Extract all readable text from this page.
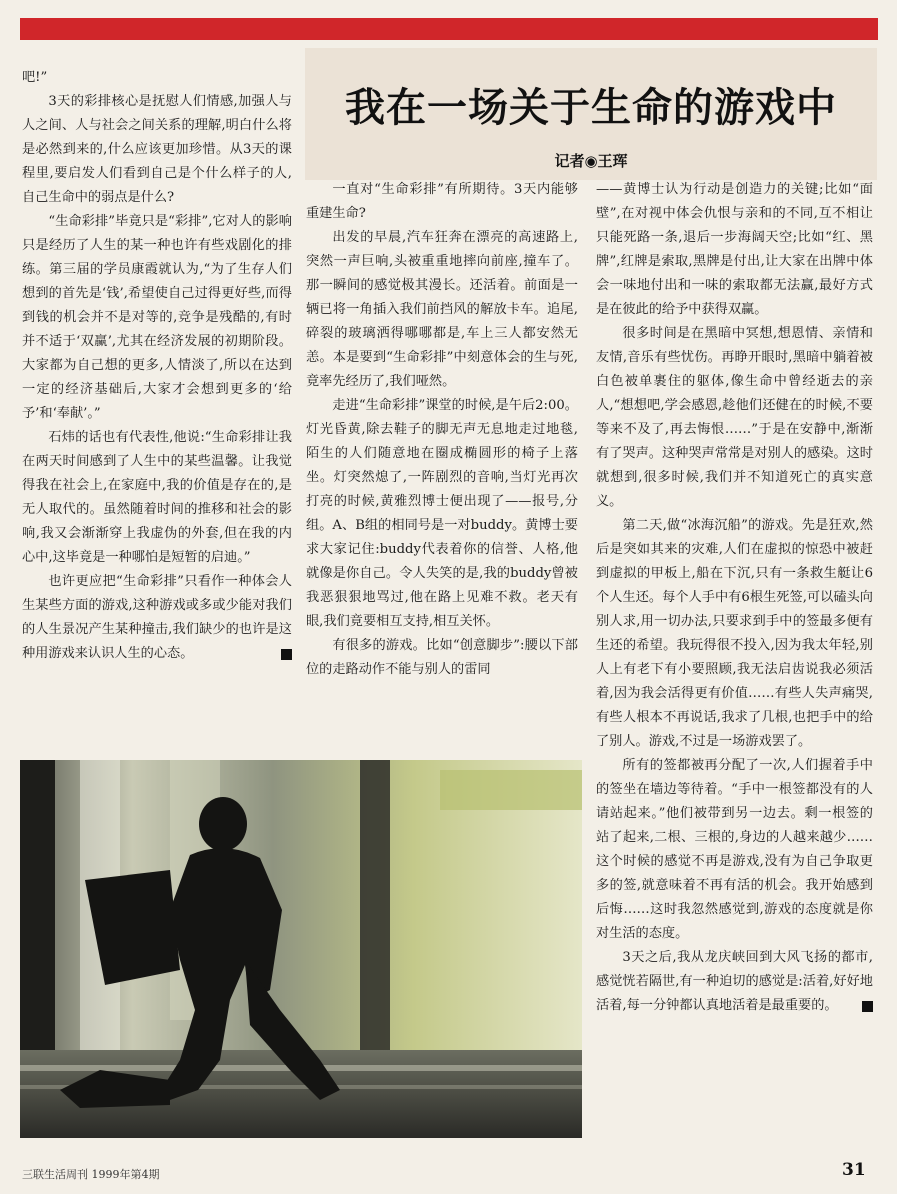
吧!”

3天的彩排核心是抚慰人们情感,加强人与人之间、人与社会之间关系的理解,明白什么将是必然到来的,什么应该更加珍惜。从3天的课程里,要启发人们看到自己是个什么样子的人,自己生命中的弱点是什么?

“生命彩排”毕竟只是“彩排”,它对人的影响只是经历了人生的某一种也许有些戏剧化的排练。第三届的学员康霞就认为,“为了生存人们想到的首先是‘钱’,希望使自己过得更好些,而得到钱的机会并不是对等的,竞争是残酷的,有时并不适于‘双赢’,尤其在经济发展的初期阶段。大家都为自己想的更多,人情淡了,所以在达到一定的经济基础后,大家才会想到更多的‘给予’和‘奉献’。”

石炜的话也有代表性,他说:“生命彩排让我在两天时间感到了人生中的某些温馨。让我觉得我在社会上,在家庭中,我的价值是存在的,是无人取代的。虽然随着时间的推移和社会的影响,我又会渐渐穿上我虚伪的外套,但在我的内心中,这毕竟是一种哪怕是短暂的启迪。”

也许更应把“生命彩排”只看作一种体会人生某些方面的游戏,这种游戏或多或少能对我们的人生景况产生某种撞击,我们缺少的也许是这种用游戏来认识人生的心态。

我在一场关于生命的游戏中
记者◉王珲

一直对“生命彩排”有所期待。3天内能够重建生命?

出发的早晨,汽车狂奔在漂亮的高速路上,突然一声巨响,头被重重地摔向前座,撞车了。那一瞬间的感觉极其漫长。还活着。前面是一辆已将一角插入我们前挡风的解放卡车。追尾,碎裂的玻璃洒得哪哪都是,车上三人都安然无恙。本是要到“生命彩排”中刻意体会的生与死,竟率先经历了,我们哑然。

走进“生命彩排”课堂的时候,是午后2:00。灯光昏黄,除去鞋子的脚无声无息地走过地毯,陌生的人们随意地在圈成椭圆形的椅子上落坐。灯突然熄了,一阵剧烈的音响,当灯光再次打亮的时候,黄雅烈博士便出现了——报号,分组。A、B组的相同号是一对buddy。黄博士要求大家记住:buddy代表着你的信誉、人格,他就像是你自己。令人失笑的是,我的buddy曾被我恶狠狠地骂过,他在路上见难不救。老天有眼,我们竟要相互支持,相互关怀。

有很多的游戏。比如“创意脚步”:腰以下部位的走路动作不能与别人的雷同

——黄博士认为行动是创造力的关键;比如“面壁”,在对视中体会仇恨与亲和的不同,互不相让只能死路一条,退后一步海阔天空;比如“红、黑牌”,红牌是索取,黑牌是付出,让大家在出牌中体会一味地付出和一味的索取都无法赢,最好方式是在彼此的给予中获得双赢。

很多时间是在黑暗中冥想,想恩情、亲情和友情,音乐有些忧伤。再睁开眼时,黑暗中躺着被白色被单裹住的躯体,像生命中曾经逝去的亲人,“想想吧,学会感恩,趁他们还健在的时候,不要等来不及了,再去悔恨……”于是在安静中,渐渐有了哭声。这种哭声常常是对别人的感染。这时就想到,很多时候,我们并不知道死亡的真实意义。

第二天,做“冰海沉船”的游戏。先是狂欢,然后是突如其来的灾难,人们在虚拟的惊恐中被赶到虚拟的甲板上,船在下沉,只有一条救生艇让6个人生还。每个人手中有6根生死签,可以磕头向别人求,用一切办法,只要求到手中的签最多便有生还的希望。我玩得很不投入,因为我太年轻,别人上有老下有小要照顾,我无法启齿说我必须活着,因为我会活得更有价值……有些人失声痛哭,有些人根本不再说话,我求了几根,也把手中的给了别人。游戏,不过是一场游戏罢了。

所有的签都被再分配了一次,人们握着手中的签坐在墙边等待着。“手中一根签都没有的人请站起来。”他们被带到另一边去。剩一根签的站了起来,二根、三根的,身边的人越来越少……这个时候的感觉不再是游戏,没有为自己争取更多的签,就意味着不再有活的机会。我开始感到后悔……这时我忽然感觉到,游戏的态度就是你对生活的态度。

3天之后,我从龙庆峡回到大风飞扬的都市,感觉恍若隔世,有一种迫切的感觉是:活着,好好地活着,每一分钟都认真地活着是最重要的。

三联生活周刊 1999年第4期	31
